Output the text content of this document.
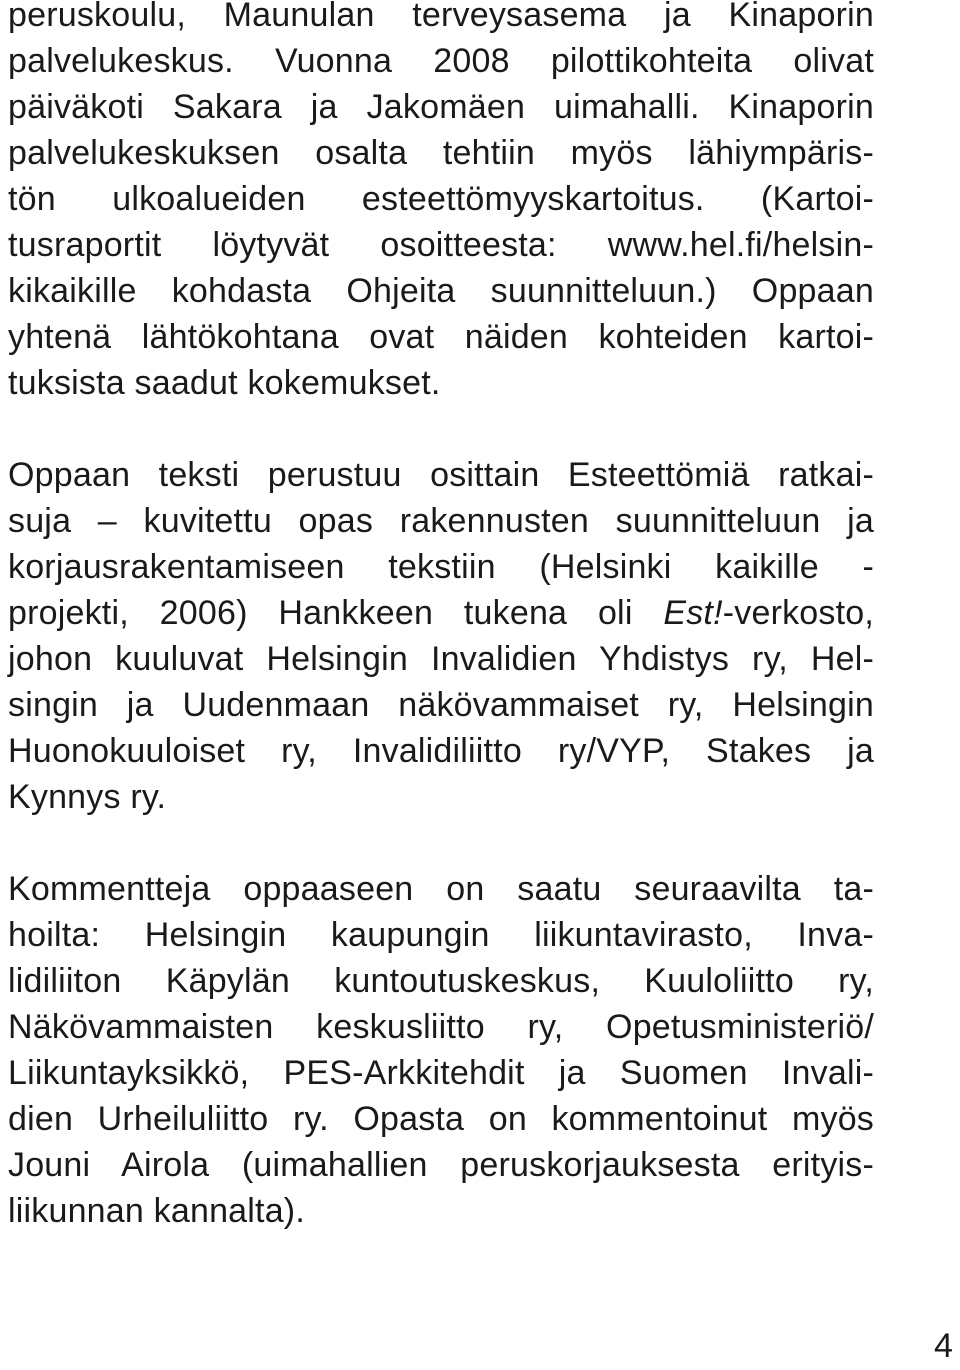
peruskoulu, Maunulan terveysasema ja Kinaporin
palvelukeskus. Vuonna 2008 pilottikohteita olivat
päiväkoti Sakara ja Jakomäen uimahalli. Kinaporin
palvelukeskuksen osalta tehtiin myös lähiympäris-
tön ulkoalueiden esteettömyyskartoitus. (Kartoi-
tusraportit löytyvät osoitteesta: www.hel.fi/helsin-
kikaikille kohdasta Ohjeita suunnitteluun.) Oppaan
yhtenä lähtökohtana ovat näiden kohteiden kartoi-
tuksista saadut kokemukset.
Oppaan teksti perustuu osittain Esteettömiä ratkai-
suja – kuvitettu opas rakennusten suunnitteluun ja
korjausrakentamiseen tekstiin (Helsinki kaikille -
projekti, 2006) Hankkeen tukena oli Est!-verkosto,
johon kuuluvat Helsingin Invalidien Yhdistys ry, Hel-
singin ja Uudenmaan näkövammaiset ry, Helsingin
Huonokuuloiset ry, Invalidiliitto ry/VYP, Stakes ja
Kynnys ry.
Kommentteja oppaaseen on saatu seuraavilta ta-
hoilta: Helsingin kaupungin liikuntavirasto, Inva-
lidiliiton Käpylän kuntoutuskeskus, Kuuloliitto ry,
Näkövammaisten keskusliitto ry, Opetusministeriö/
Liikuntayksikkö, PES-Arkkitehdit ja Suomen Invali-
dien Urheiluliitto ry. Opasta on kommentoinut myös
Jouni Airola (uimahallien peruskorjauksesta erityis-
liikunnan kannalta).
4
